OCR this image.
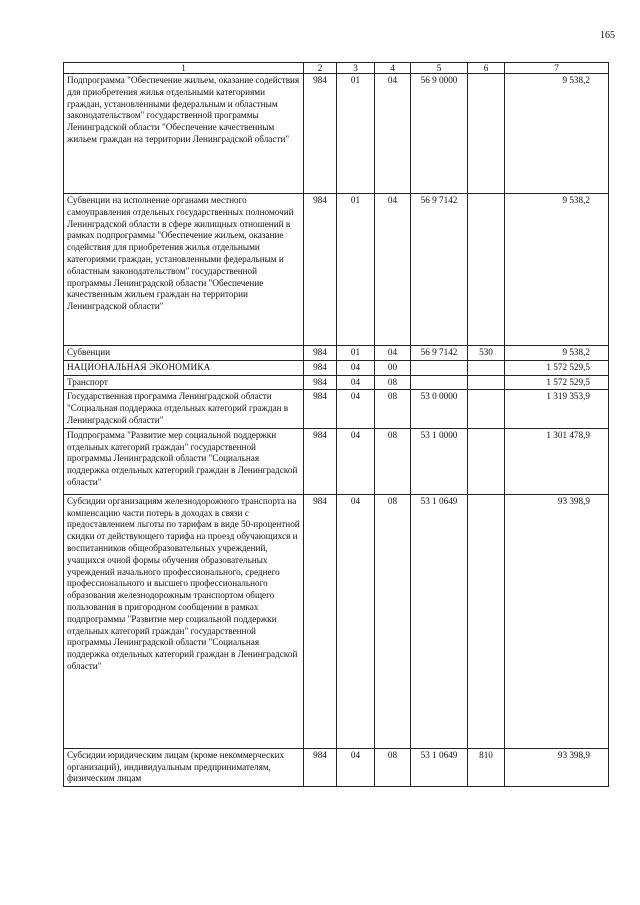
165
1	2	3	4	5	6	7
Подпрограмма "Обеспечение жильем, оказание содействия для приобретения жилья отдельными категориями граждан, установленными федеральным и областным законодательством" государственной программы Ленинградской области "Обеспечение качественным жильем граждан на территории Ленинградской области"	984	01	04	56 9 0000		9 538,2
Субвенции на исполнение органами местного самоуправления отдельных государственных полномочий Ленинградской области в сфере жилищных отношений в рамках подпрограммы "Обеспечение жильем, оказание содействия для приобретения жилья отдельными категориями граждан, установленными федеральным и областным законодательством" государственной программы Ленинградской области "Обеспечение качественным жильем граждан на территории Ленинградской области"	984	01	04	56 9 7142		9 538,2
Субвенции	984	01	04	56 9 7142	530	9 538,2
НАЦИОНАЛЬНАЯ ЭКОНОМИКА	984	04	00			1 572 529,5
Транспорт	984	04	08			1 572 529,5
Государственная программа Ленинградской области "Социальная поддержка отдельных категорий граждан в Ленинградской области"	984	04	08	53 0 0000		1 319 353,9
Подпрограмма "Развитие мер социальной поддержки отдельных категорий граждан" государственной программы Ленинградской области "Социальная поддержка отдельных категорий граждан в Ленинградской области"	984	04	08	53 1 0000		1 301 478,9
Субсидии организациям железнодорожного транспорта на компенсацию части потерь в доходах в связи с предоставлением льготы по тарифам в виде 50-процентной скидки от действующего тарифа на проезд обучающихся и воспитанников общеобразовательных учреждений, учащихся очной формы обучения образовательных учреждений начального профессионального, среднего профессионального и высшего профессионального образования железнодорожным транспортом общего пользования в пригородном сообщении в рамках подпрограммы "Развитие мер социальной поддержки отдельных категорий граждан" государственной программы Ленинградской области "Социальная поддержка отдельных категорий граждан в Ленинградской области"	984	04	08	53 1 0649		93 398,9
Субсидии юридическим лицам (кроме некоммерческих организаций), индивидуальным предпринимателям, физическим лицам	984	04	08	53 1 0649	810	93 398,9
